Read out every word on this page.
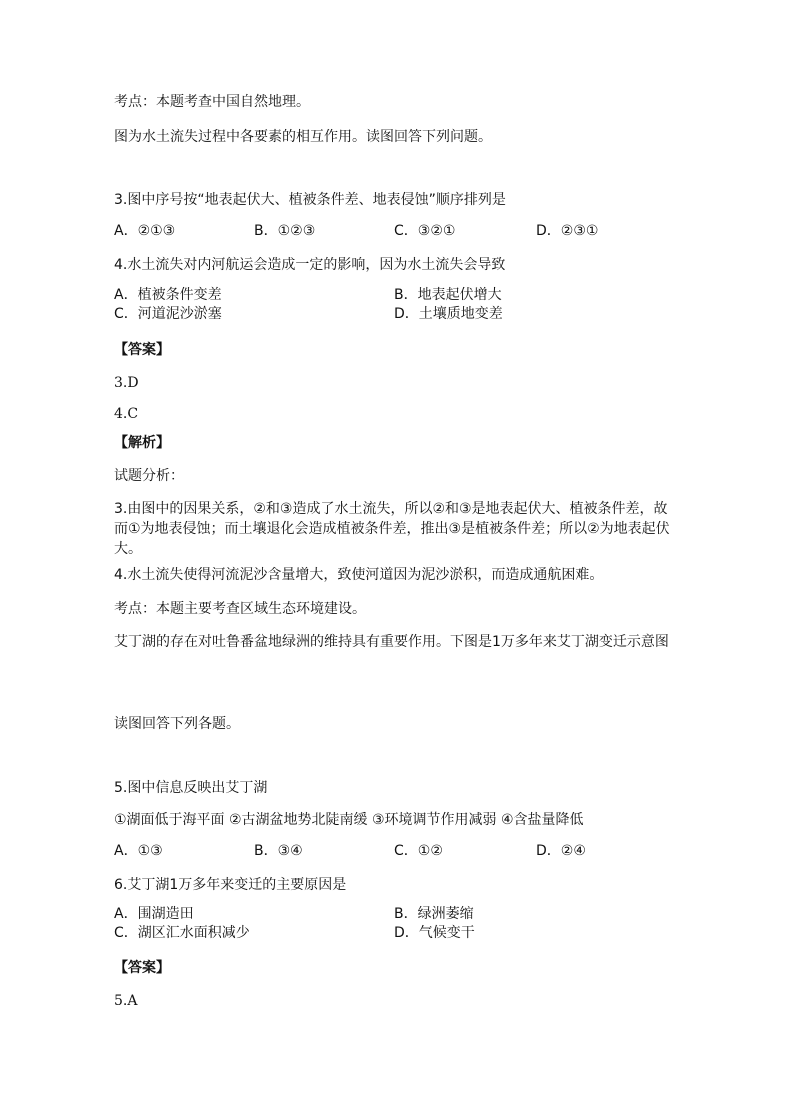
考点：本题考查中国自然地理。
图为水土流失过程中各要素的相互作用。读图回答下列问题。
3.图中序号按“地表起伏大、植被条件差、地表侵蚀”顺序排列是
A．②①③	B．①②③	C．③②①	D．②③①
4.水土流失对内河航运会造成一定的影响，因为水土流失会导致
A．植被条件变差	B．地表起伏增大
C．河道泥沙淤塞	D．土壤质地变差
【答案】
3.D
4.C
【解析】
试题分析：
3.由图中的因果关系，②和③造成了水土流失，所以②和③是地表起伏大、植被条件差，故而①为地表侵蚀；而土壤退化会造成植被条件差，推出③是植被条件差；所以②为地表起伏大。
4.水土流失使得河流泥沙含量增大，致使河道因为泥沙淤积，而造成通航困难。
考点：本题主要考查区域生态环境建设。
艾丁湖的存在对吐鲁番盆地绿洲的维持具有重要作用。下图是1万多年来艾丁湖变迁示意图
读图回答下列各题。
5.图中信息反映出艾丁湖
①湖面低于海平面 ②古湖盆地势北陡南缓 ③环境调节作用减弱 ④含盐量降低
A．①③	B．③④	C．①②	D．②④
6.艾丁湖1万多年来变迁的主要原因是
A．围湖造田	B．绿洲萎缩
C．湖区汇水面积减少	D．气候变干
【答案】
5.A
